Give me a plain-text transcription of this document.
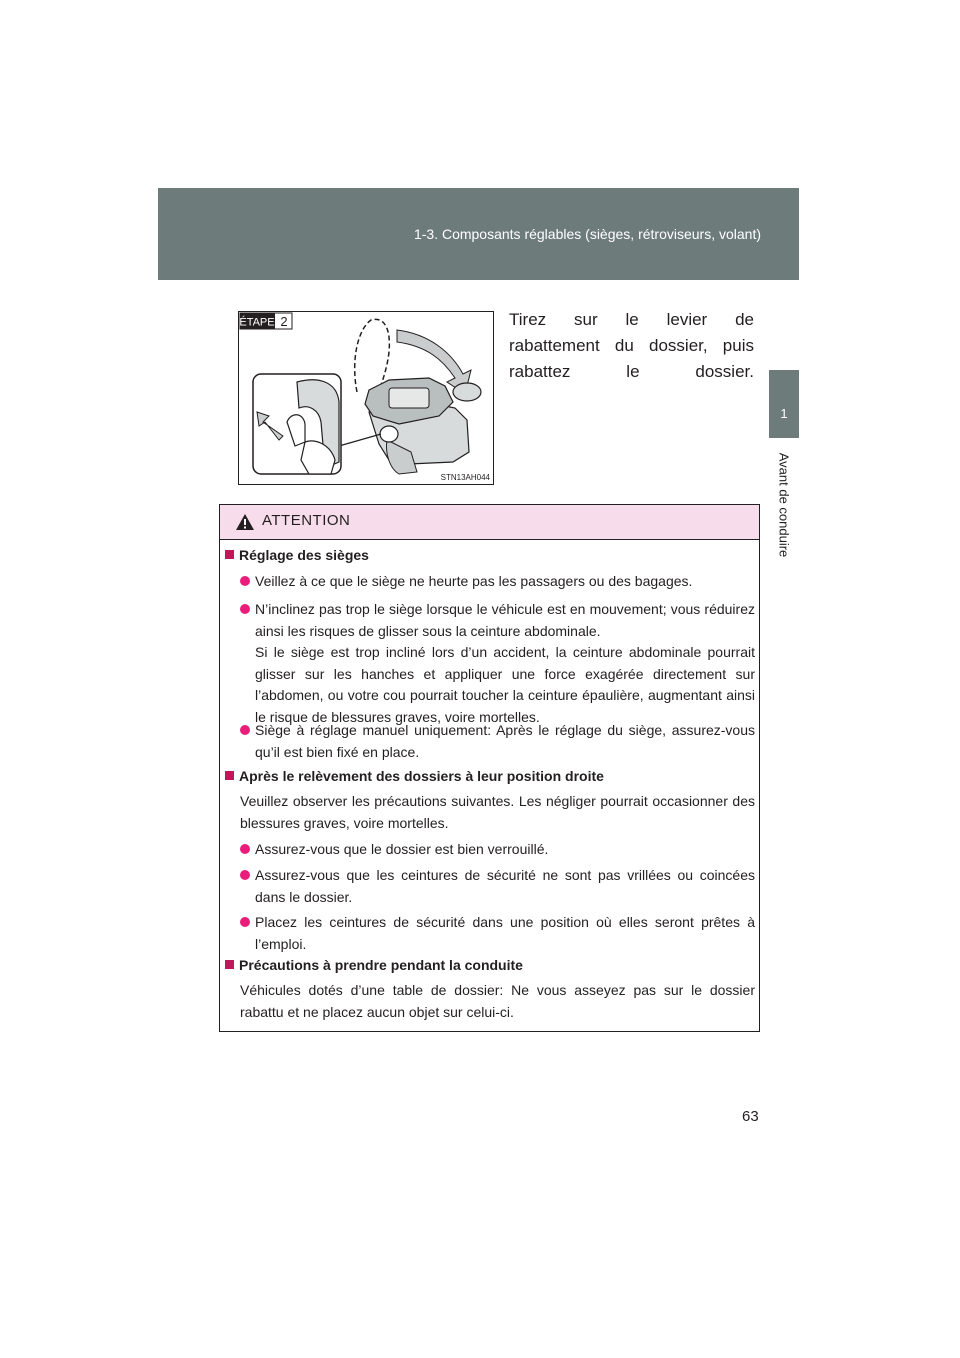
1-3. Composants réglables (sièges, rétroviseurs, volant)
1
Avant de conduire
ÉTAPE 2
STN13AH044
Tirez sur le levier de rabattement du dossier, puis rabattez le dossier.
ATTENTION
Réglage des sièges
Veillez à ce que le siège ne heurte pas les passagers ou des bagages.
N’inclinez pas trop le siège lorsque le véhicule est en mouvement; vous réduirez ainsi les risques de glisser sous la ceinture abdominale.
Si le siège est trop incliné lors d’un accident, la ceinture abdominale pourrait glisser sur les hanches et appliquer une force exagérée directement sur l’abdomen, ou votre cou pourrait toucher la ceinture épaulière, augmentant ainsi le risque de blessures graves, voire mortelles.
Siège à réglage manuel uniquement: Après le réglage du siège, assurez-vous qu’il est bien fixé en place.
Après le relèvement des dossiers à leur position droite
Veuillez observer les précautions suivantes. Les négliger pourrait occasionner des blessures graves, voire mortelles.
Assurez-vous que le dossier est bien verrouillé.
Assurez-vous que les ceintures de sécurité ne sont pas vrillées ou coincées dans le dossier.
Placez les ceintures de sécurité dans une position où elles seront prêtes à l’emploi.
Précautions à prendre pendant la conduite
Véhicules dotés d’une table de dossier: Ne vous asseyez pas sur le dossier rabattu et ne placez aucun objet sur celui-ci.
63
